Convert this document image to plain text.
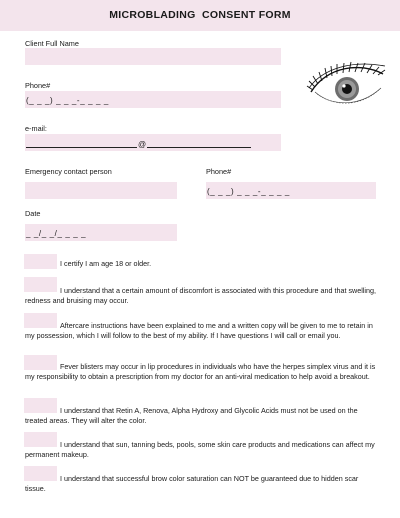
MICROBLADING  CONSENT FORM
Client Full Name
Phone#
(_ _ _) _ _ _-_ _ _ _
e-mail:
@
Emergency contact person	Phone#
(_ _ _) _ _ _-_ _ _ _
Date
_ _/_ _/_ _ _ _
I certify I am age 18 or older.
I understand that a certain amount of discomfort is associated with this procedure and that swelling, redness and bruising may occur.
Aftercare instructions have been explained to me and a written copy will be given to me to retain in my possession, which I will follow to the best of my ability. If I have questions I will call or email you.
Fever blisters may occur in lip procedures in individuals who have the herpes simplex virus and it is my responsibility to obtain a prescription from my doctor for an anti-viral medication to help avoid a breakout.
I understand that Retin A, Renova, Alpha Hydroxy and Glycolic Acids must not be used on the treated areas. They will alter the color.
I understand that sun, tanning beds, pools, some skin care products and medications can affect my permanent makeup.
I understand that successful brow color saturation can NOT be guaranteed due to hidden scar tissue.
